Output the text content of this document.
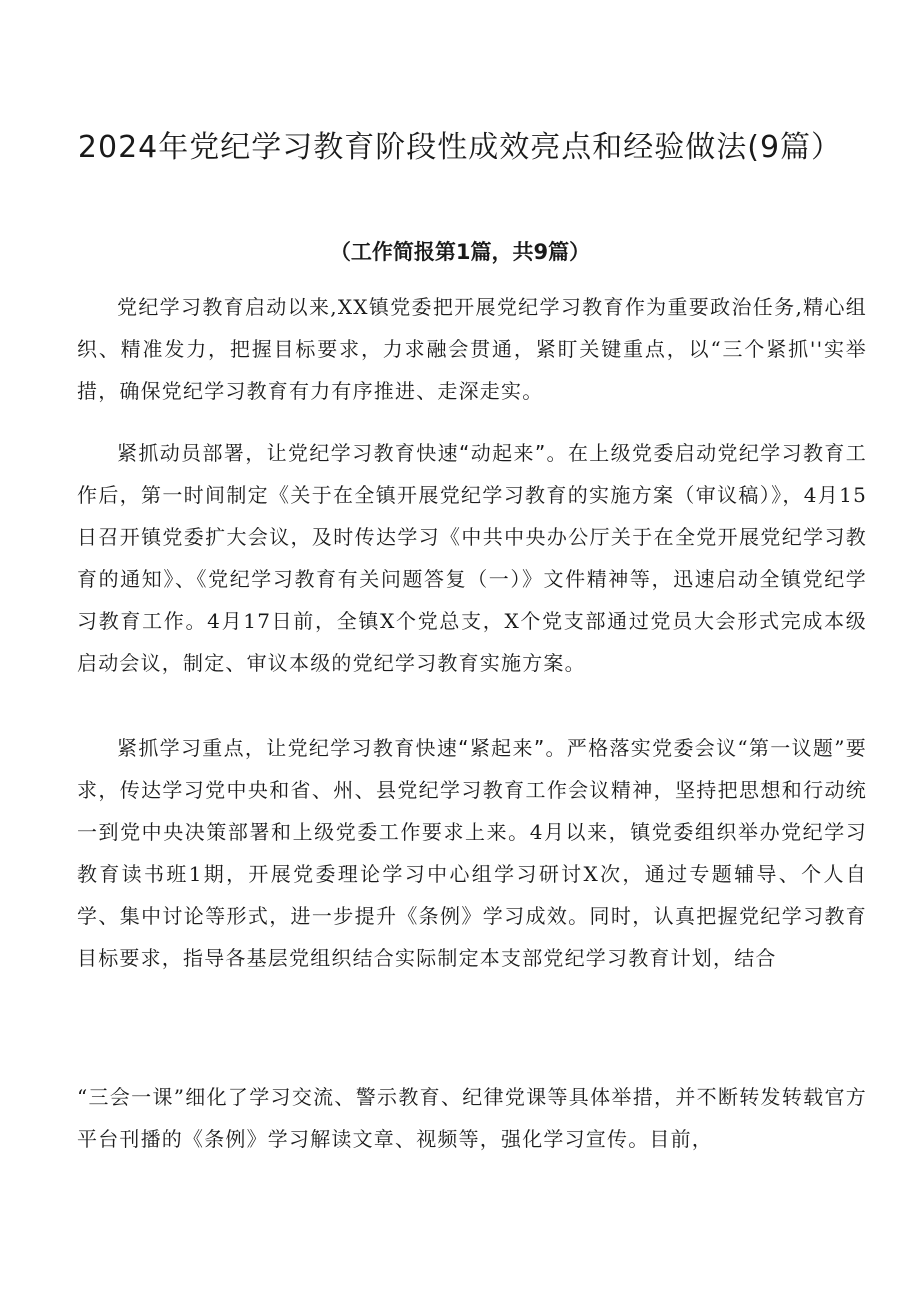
2024年党纪学习教育阶段性成效亮点和经验做法(9篇）

（工作简报第1篇，共9篇）

党纪学习教育启动以来,XX镇党委把开展党纪学习教育作为重要政治任务,精心组织、精准发力，把握目标要求，力求融会贯通，紧盯关键重点，以“三个紧抓''实举措，确保党纪学习教育有力有序推进、走深走实。

紧抓动员部署，让党纪学习教育快速“动起来”。在上级党委启动党纪学习教育工作后，第一时间制定《关于在全镇开展党纪学习教育的实施方案（审议稿）》，4月15日召开镇党委扩大会议，及时传达学习《中共中央办公厅关于在全党开展党纪学习教育的通知》、《党纪学习教育有关问题答复（一）》文件精神等，迅速启动全镇党纪学习教育工作。4月17日前，全镇X个党总支，X个党支部通过党员大会形式完成本级启动会议，制定、审议本级的党纪学习教育实施方案。

紧抓学习重点，让党纪学习教育快速“紧起来”。严格落实党委会议“第一议题”要求，传达学习党中央和省、州、县党纪学习教育工作会议精神，坚持把思想和行动统一到党中央决策部署和上级党委工作要求上来。4月以来，镇党委组织举办党纪学习教育读书班1期，开展党委理论学习中心组学习研讨X次，通过专题辅导、个人自学、集中讨论等形式，进一步提升《条例》学习成效。同时，认真把握党纪学习教育目标要求，指导各基层党组织结合实际制定本支部党纪学习教育计划，结合

“三会一课”细化了学习交流、警示教育、纪律党课等具体举措，并不断转发转载官方平台刊播的《条例》学习解读文章、视频等，强化学习宣传。目前，
